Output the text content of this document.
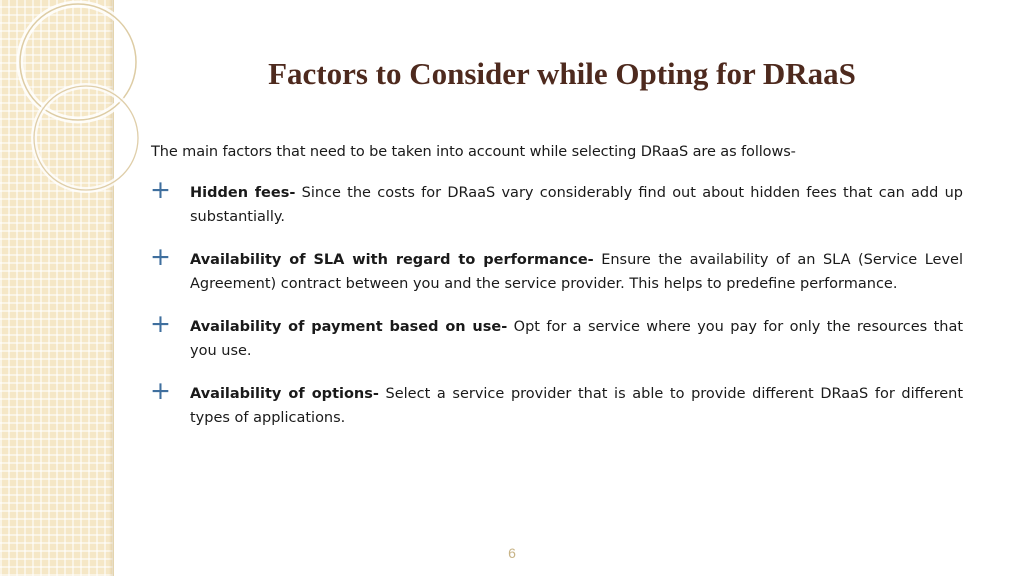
Factors to Consider while Opting for DRaaS

The main factors that need to be taken into account while selecting DRaaS are as follows-

+ Hidden fees- Since the costs for DRaaS vary considerably find out about hidden fees that can add up substantially.
+ Availability of SLA with regard to performance- Ensure the availability of an SLA (Service Level Agreement) contract between you and the service provider. This helps to predefine performance.
+ Availability of payment based on use- Opt for a service where you pay for only the resources that you use.
+ Availability of options- Select a service provider that is able to provide different DRaaS for different types of applications.
6
